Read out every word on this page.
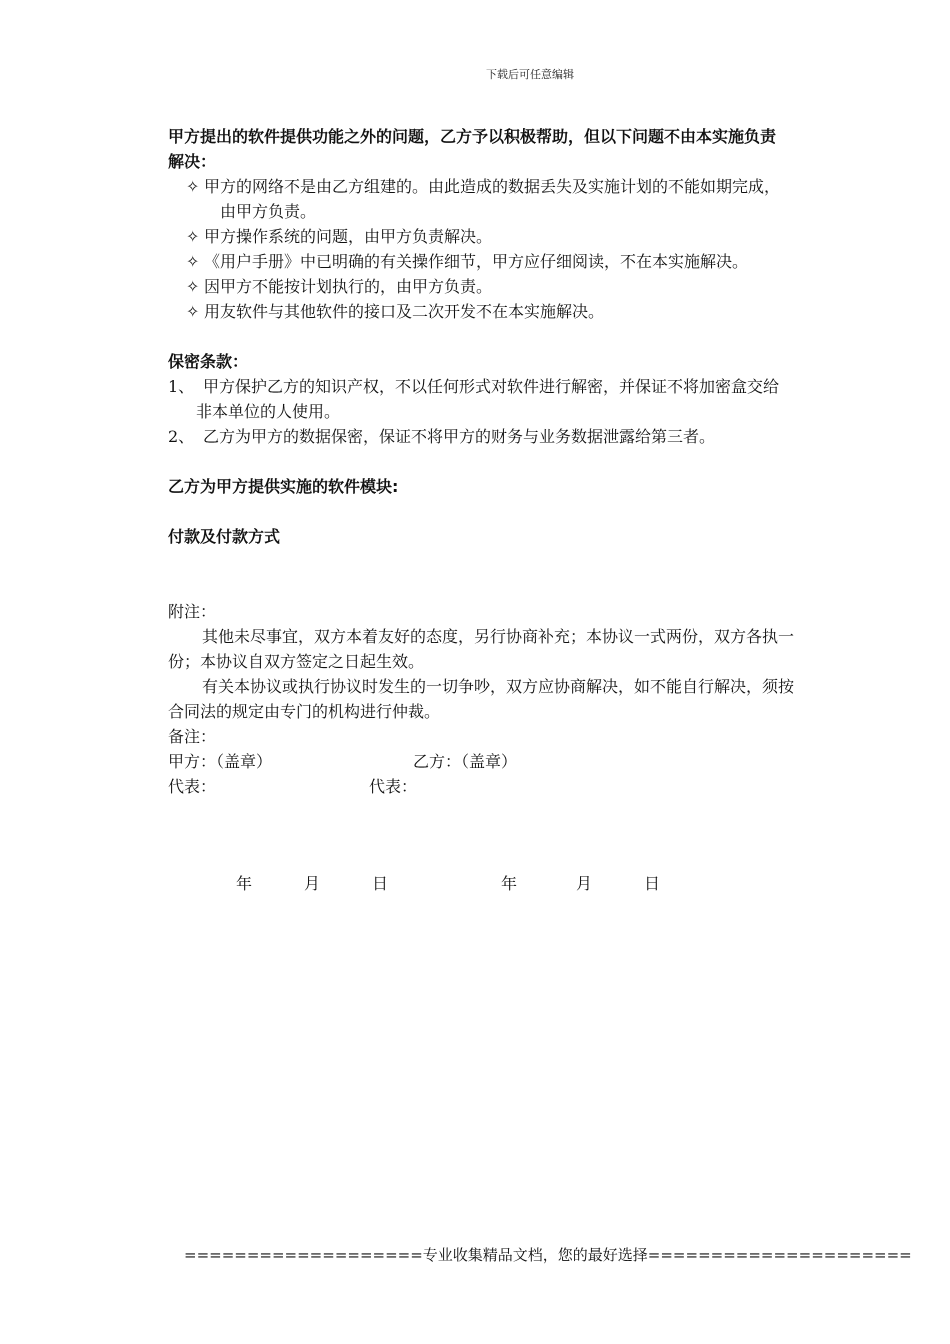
下载后可任意编辑
甲方提出的软件提供功能之外的问题，乙方予以积极帮助，但以下问题不由本实施负责
解决：
✧ 甲方的网络不是由乙方组建的。由此造成的数据丢失及实施计划的不能如期完成，
由甲方负责。
✧ 甲方操作系统的问题，由甲方负责解决。
✧ 《用户手册》中已明确的有关操作细节，甲方应仔细阅读，不在本实施解决。
✧ 因甲方不能按计划执行的，由甲方负责。
✧ 用友软件与其他软件的接口及二次开发不在本实施解决。
保密条款：
1、 甲方保护乙方的知识产权，不以任何形式对软件进行解密，并保证不将加密盒交给
非本单位的人使用。
2、 乙方为甲方的数据保密，保证不将甲方的财务与业务数据泄露给第三者。
乙方为甲方提供实施的软件模块:
付款及付款方式
附注：
其他未尽事宜，双方本着友好的态度，另行协商补充；本协议一式两份，双方各执一
份；本协议自双方签定之日起生效。
有关本协议或执行协议时发生的一切争吵，双方应协商解决，如不能自行解决，须按
合同法的规定由专门的机构进行仲裁。
备注：
甲方：（盖章）	乙方：（盖章）
代表：	代表：
年	月	日	年	月	日
===================专业收集精品文档，您的最好选择=====================
